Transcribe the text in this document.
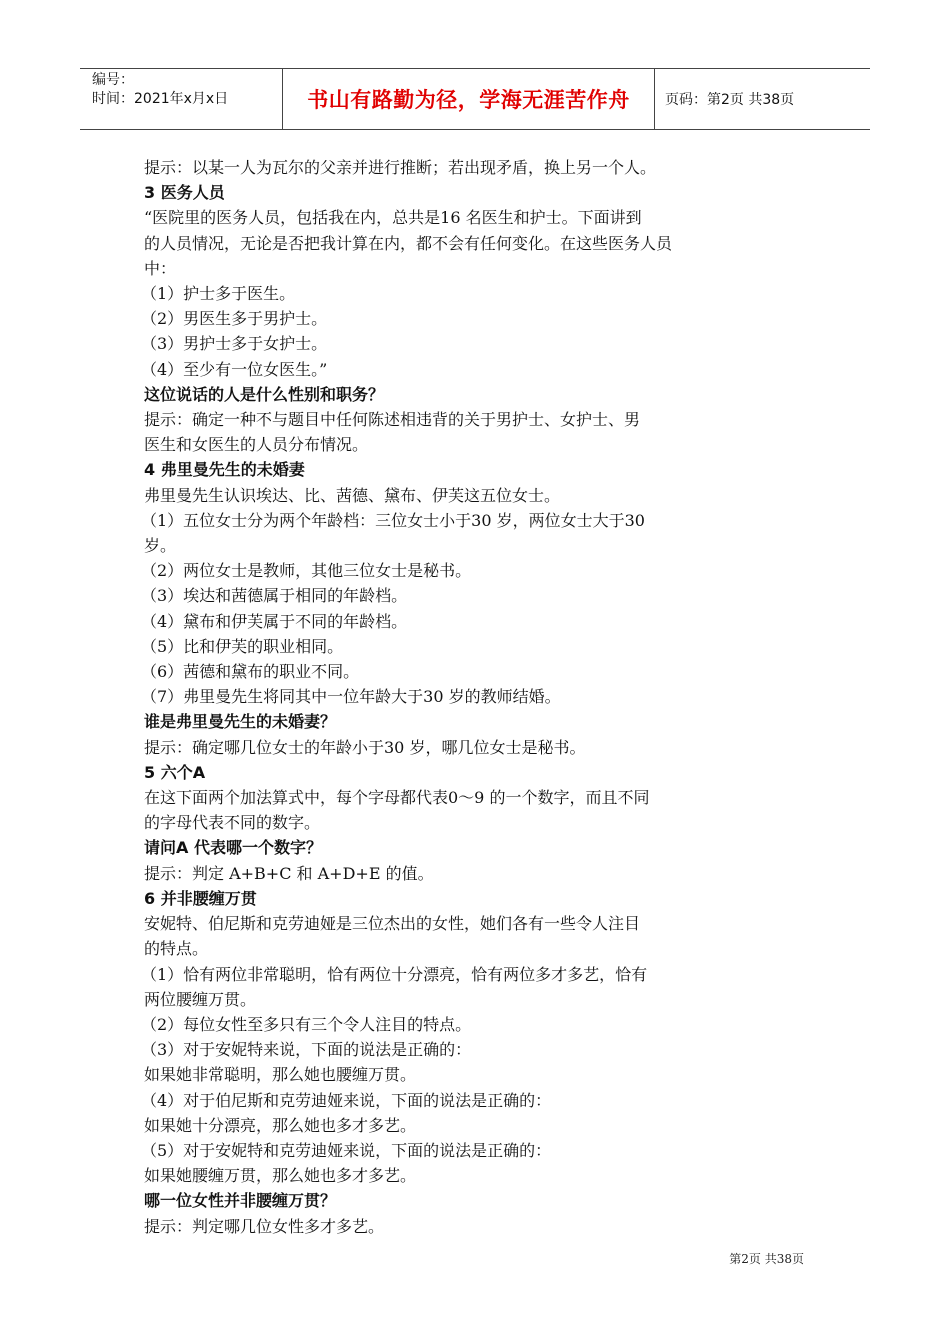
编号：
时间：2021年x月x日	书山有路勤为径，学海无涯苦作舟	页码：第2页 共38页
提示：以某一人为瓦尔的父亲并进行推断；若出现矛盾，换上另一个人。
3 医务人员
“医院里的医务人员，包括我在内，总共是16 名医生和护士。下面讲到
的人员情况，无论是否把我计算在内，都不会有任何变化。在这些医务人员
中：
（1）护士多于医生。
（2）男医生多于男护士。
（3）男护士多于女护士。
（4）至少有一位女医生。”
这位说话的人是什么性别和职务？
提示：确定一种不与题目中任何陈述相违背的关于男护士、女护士、男
医生和女医生的人员分布情况。
4 弗里曼先生的未婚妻
弗里曼先生认识埃达、比、茜德、黛布、伊芙这五位女士。
（1）五位女士分为两个年龄档：三位女士小于30 岁，两位女士大于30
岁。
（2）两位女士是教师，其他三位女士是秘书。
（3）埃达和茜德属于相同的年龄档。
（4）黛布和伊芙属于不同的年龄档。
（5）比和伊芙的职业相同。
（6）茜德和黛布的职业不同。
（7）弗里曼先生将同其中一位年龄大于30 岁的教师结婚。
谁是弗里曼先生的未婚妻？
提示：确定哪几位女士的年龄小于30 岁，哪几位女士是秘书。
5 六个A
在这下面两个加法算式中，每个字母都代表0～9 的一个数字，而且不同
的字母代表不同的数字。
请问A 代表哪一个数字？
提示：判定 A+B+C 和 A+D+E 的值。
6 并非腰缠万贯
安妮特、伯尼斯和克劳迪娅是三位杰出的女性，她们各有一些令人注目
的特点。
（1）恰有两位非常聪明，恰有两位十分漂亮，恰有两位多才多艺，恰有
两位腰缠万贯。
（2）每位女性至多只有三个令人注目的特点。
（3）对于安妮特来说，下面的说法是正确的：
如果她非常聪明，那么她也腰缠万贯。
（4）对于伯尼斯和克劳迪娅来说，下面的说法是正确的：
如果她十分漂亮，那么她也多才多艺。
（5）对于安妮特和克劳迪娅来说，下面的说法是正确的：
如果她腰缠万贯，那么她也多才多艺。
哪一位女性并非腰缠万贯？
提示：判定哪几位女性多才多艺。
第2页 共38页
